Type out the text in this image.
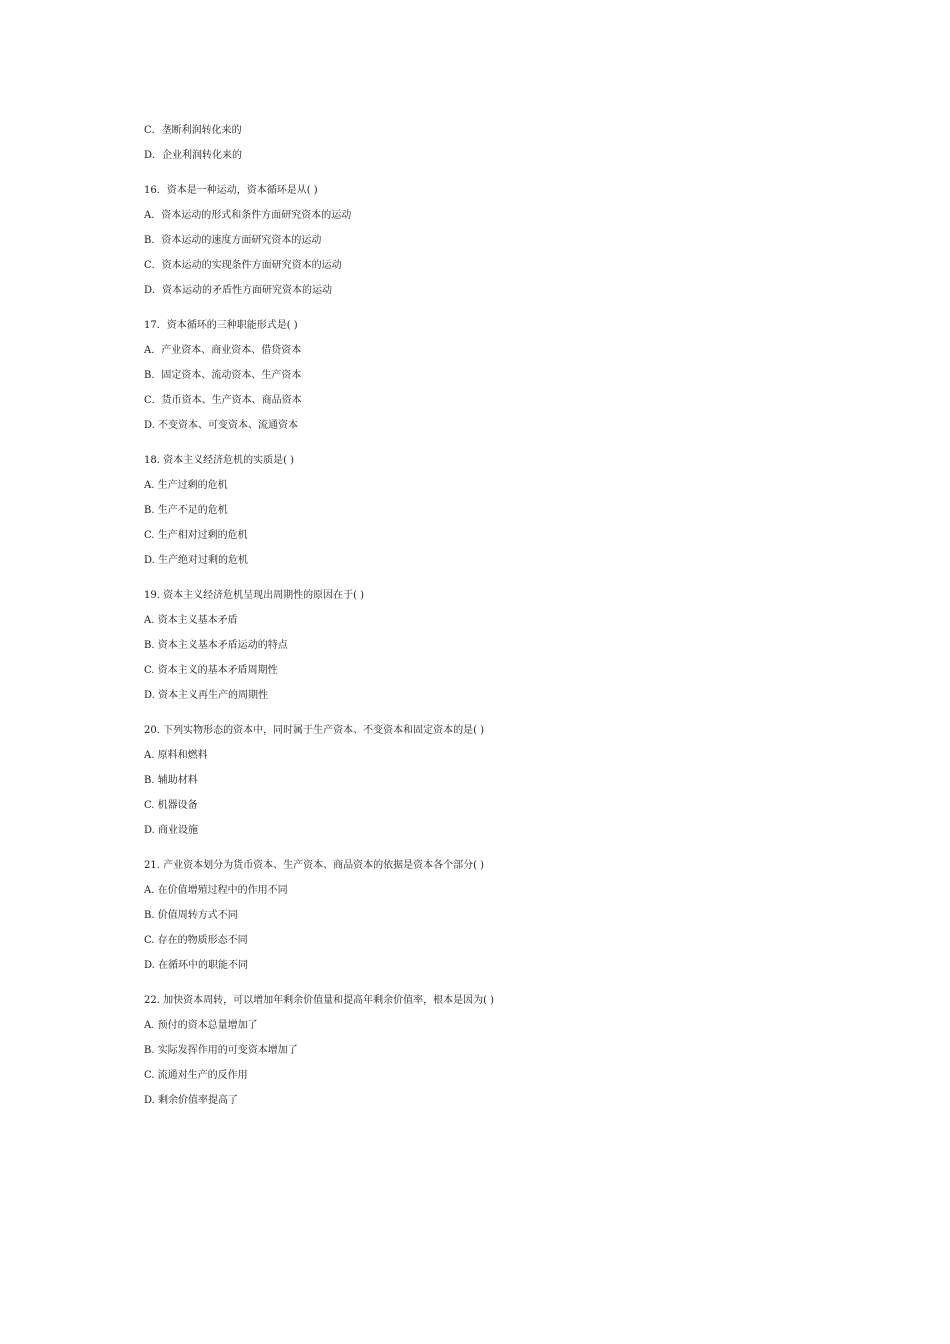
C．垄断利润转化来的
D．企业利润转化来的
16．资本是一种运动，资本循环是从( )
A．资本运动的形式和条件方面研究资本的运动
B．资本运动的速度方面研究资本的运动
C．资本运动的实现条件方面研究资本的运动
D．资本运动的矛盾性方面研究资本的运动
17．资本循环的三种职能形式是( )
A．产业资本、商业资本、借贷资本
B．固定资本、流动资本、生产资本
C．货币资本、生产资本、商品资本
D. 不变资本、可变资本、流通资本
18. 资本主义经济危机的实质是( )
A. 生产过剩的危机
B. 生产不足的危机
C. 生产相对过剩的危机
D. 生产绝对过剩的危机
19. 资本主义经济危机呈现出周期性的原因在于( )
A. 资本主义基本矛盾
B. 资本主义基本矛盾运动的特点
C. 资本主义的基本矛盾周期性
D. 资本主义再生产的周期性
20. 下列实物形态的资本中，同时属于生产资本、不变资本和固定资本的是( )
A. 原料和燃料
B. 辅助材料
C. 机器设备
D. 商业设施
21. 产业资本划分为货币资本、生产资本、商品资本的依据是资本各个部分( )
A. 在价值增殖过程中的作用不同
B. 价值周转方式不同
C. 存在的物质形态不同
D. 在循环中的职能不同
22. 加快资本周转，可以增加年剩余价值量和提高年剩余价值率，根本是因为( )
A. 预付的资本总量增加了
B. 实际发挥作用的可变资本增加了
C. 流通对生产的反作用
D. 剩余价值率提高了
